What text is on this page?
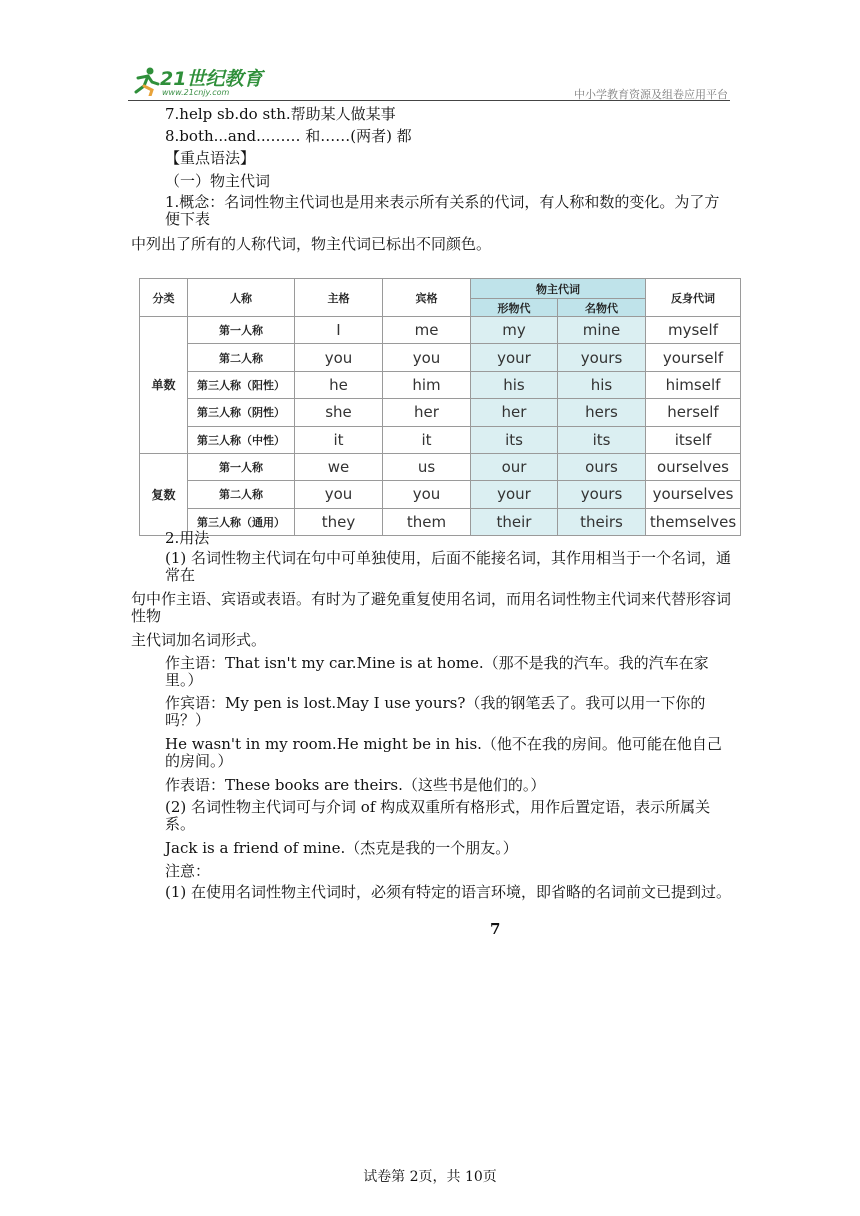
21世纪教育
www.21cnjy.com	中小学教育资源及组卷应用平台
7.help sb.do sth.帮助某人做某事
8.both...and...…… 和……(两者) 都
【重点语法】
（一）物主代词
1.概念：名词性物主代词也是用来表示所有关系的代词，有人称和数的变化。为了方便下表
中列出了所有的人称代词，物主代词已标出不同颜色。
分类	人称	主格	宾格	物主代词		反身代词
				形物代	名物代	
单数	第一人称	I	me	my	mine	myself
	第二人称	you	you	your	yours	yourself
	第三人称（阳性）	he	him	his	his	himself
	第三人称（阴性）	she	her	her	hers	herself
	第三人称（中性）	it	it	its	its	itself
复数	第一人称	we	us	our	ours	ourselves
	第二人称	you	you	your	yours	yourselves
	第三人称（通用）	they	them	their	theirs	themselves
2.用法
(1) 名词性物主代词在句中可单独使用，后面不能接名词，其作用相当于一个名词，通常在
句中作主语、宾语或表语。有时为了避免重复使用名词，而用名词性物主代词来代替形容词性物
主代词加名词形式。
作主语：That isn't my car.Mine is at home.（那不是我的汽车。我的汽车在家里。）
作宾语：My pen is lost.May I use yours?（我的钢笔丢了。我可以用一下你的吗？）
He wasn't in my room.He might be in his.（他不在我的房间。他可能在他自己的房间。）
作表语：These books are theirs.（这些书是他们的。）
(2) 名词性物主代词可与介词 of 构成双重所有格形式，用作后置定语，表示所属关系。
Jack is a friend of mine.（杰克是我的一个朋友。）
注意：
(1) 在使用名词性物主代词时，必须有特定的语言环境，即省略的名词前文已提到过。
7
试卷第 2页，共 10页
